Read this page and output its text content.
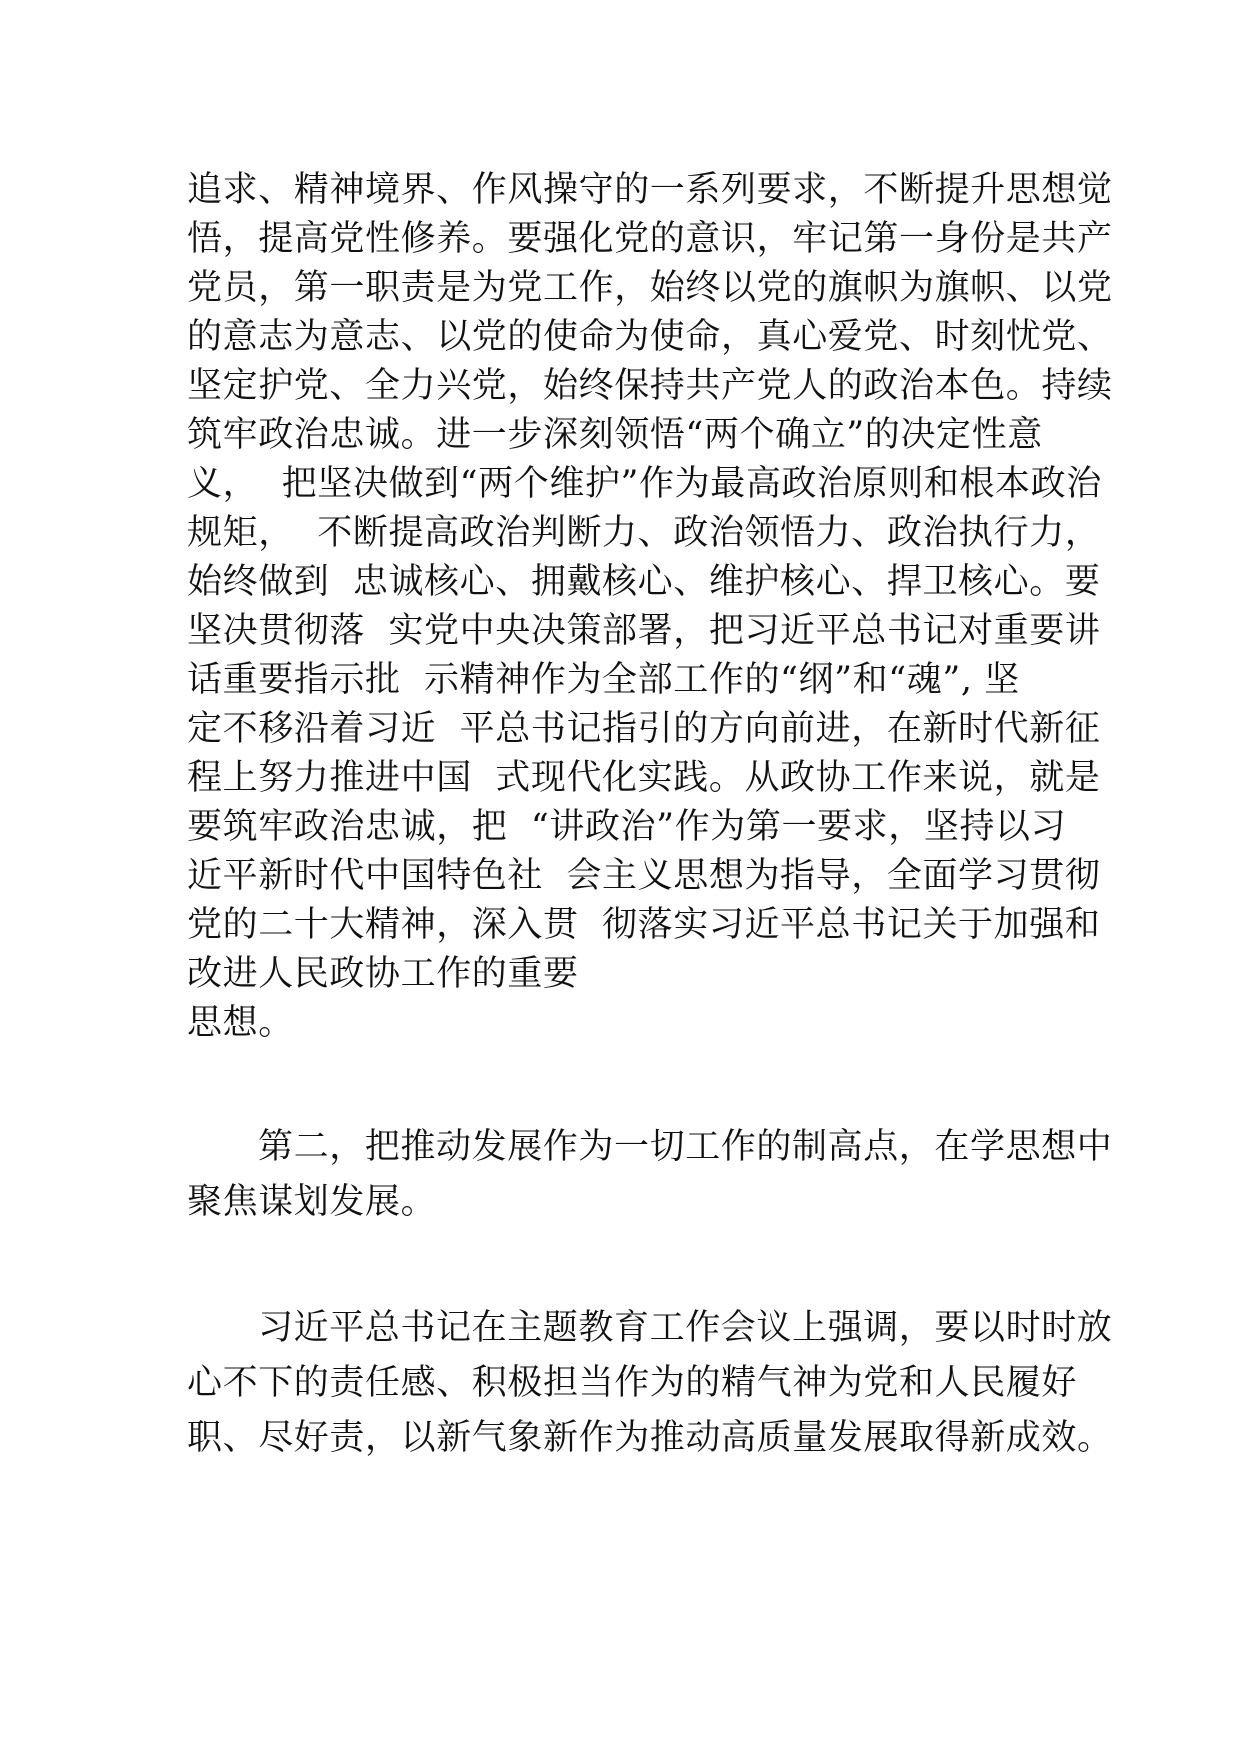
追求、精神境界、作风操守的一系列要求，不断提升思想觉
悟，提高党性修养。要强化党的意识，牢记第一身份是共产
党员，第一职责是为党工作，始终以党的旗帜为旗帜、以党
的意志为意志、以党的使命为使命，真心爱党、时刻忧党、
坚定护党、全力兴党，始终保持共产党人的政治本色。持续
筑牢政治忠诚。进一步深刻领悟“两个确立”的决定性意
义，  把坚决做到“两个维护”作为最高政治原则和根本政治
规矩，  不断提高政治判断力、政治领悟力、政治执行力，
始终做到  忠诚核心、拥戴核心、维护核心、捍卫核心。要
坚决贯彻落  实党中央决策部署，把习近平总书记对重要讲
话重要指示批  示精神作为全部工作的“纲”和“魂”, 坚
定不移沿着习近  平总书记指引的方向前进，在新时代新征
程上努力推进中国  式现代化实践。从政协工作来说，就是
要筑牢政治忠诚，把  “讲政治”作为第一要求，坚持以习
近平新时代中国特色社  会主义思想为指导，全面学习贯彻
党的二十大精神，深入贯  彻落实习近平总书记关于加强和
改进人民政协工作的重要
思想。
第二，把推动发展作为一切工作的制高点，在学思想中
聚焦谋划发展。
习近平总书记在主题教育工作会议上强调，要以时时放
心不下的责任感、积极担当作为的精气神为党和人民履好
职、尽好责，以新气象新作为推动高质量发展取得新成效。
